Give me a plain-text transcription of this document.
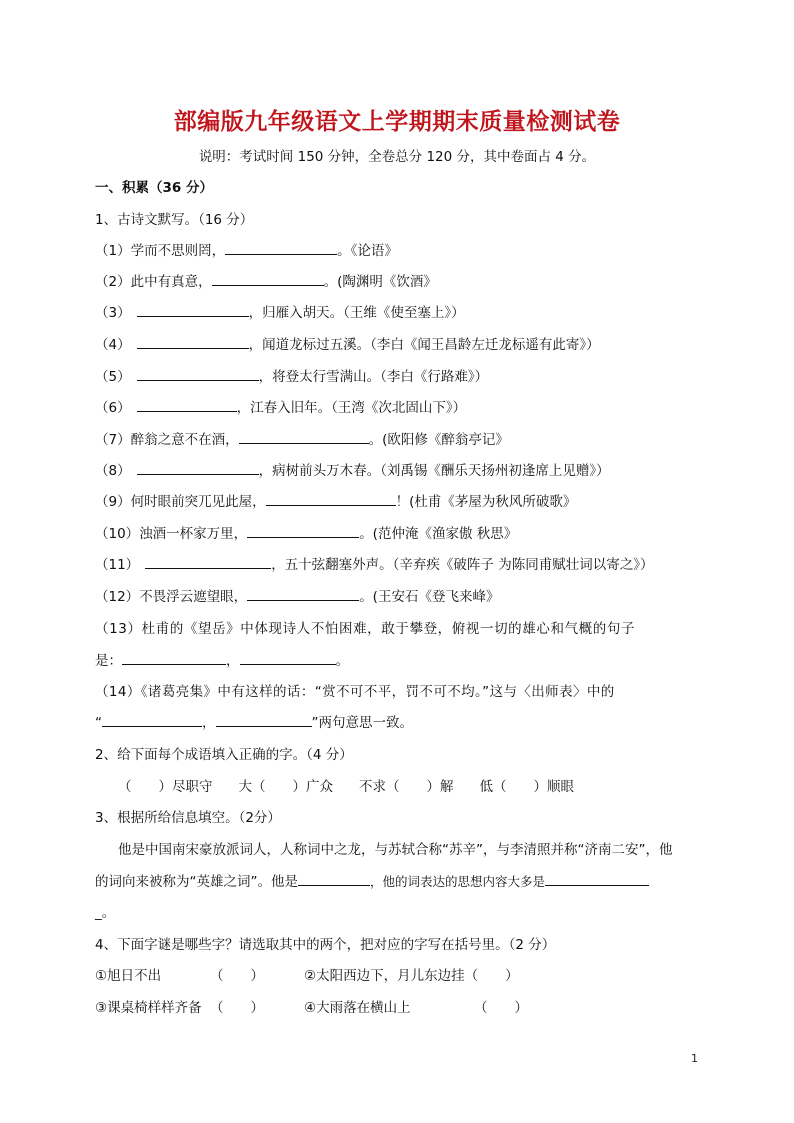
部编版九年级语文上学期期末质量检测试卷
说明：考试时间 150 分钟，全卷总分 120 分，其中卷面占 4 分。
一、积累（36 分）
1、古诗文默写。（16 分）
（1）学而不思则罔，	。《论语》
（2）此中有真意，	。(陶渊明《饮酒》
（3）	，归雁入胡天。（王维《使至塞上》）
（4）	，闻道龙标过五溪。（李白《闻王昌龄左迁龙标遥有此寄》）
（5）	，将登太行雪满山。（李白《行路难》）
（6）	，江春入旧年。（王湾《次北固山下》）
（7）醉翁之意不在酒，	。(欧阳修《醉翁亭记》
（8）	，病树前头万木春。（刘禹锡《酬乐天扬州初逢席上见赠》）
（9）何时眼前突兀见此屋，	！(杜甫《茅屋为秋风所破歌》
（10）浊酒一杯家万里，	。(范仲淹《渔家傲 秋思》
（11）	，五十弦翻塞外声。（辛弃疾《破阵子 为陈同甫赋壮词以寄之》）
（12）不畏浮云遮望眼，	。(王安石《登飞来峰》
（13）杜甫的《望岳》中体现诗人不怕困难，敢于攀登，俯视一切的雄心和气概的句子
是：	，	。
（14）《诸葛亮集》中有这样的话：“赏不可不平，罚不可不均。”这与〈出师表〉中的
“	，	”两句意思一致。
2、给下面每个成语填入正确的字。（4 分）
（　　）尽职守 大（　　）广众 不求（　　）解 低（　　）顺眼
3、根据所给信息填空。（2分）
他是中国南宋豪放派词人，人称词中之龙，与苏轼合称“苏辛”，与李清照并称“济南二安”，他
的词向来被称为“英雄之词”。他是	，他的词表达的思想内容大多是
_。
4、下面字谜是哪些字？请选取其中的两个，把对应的字写在括号里。（2 分）
①旭日不出	（　　）	②太阳西边下，月儿东边挂（　　）
③课桌椅样样齐备 （　　）	④大雨落在横山上	（　　）
1
